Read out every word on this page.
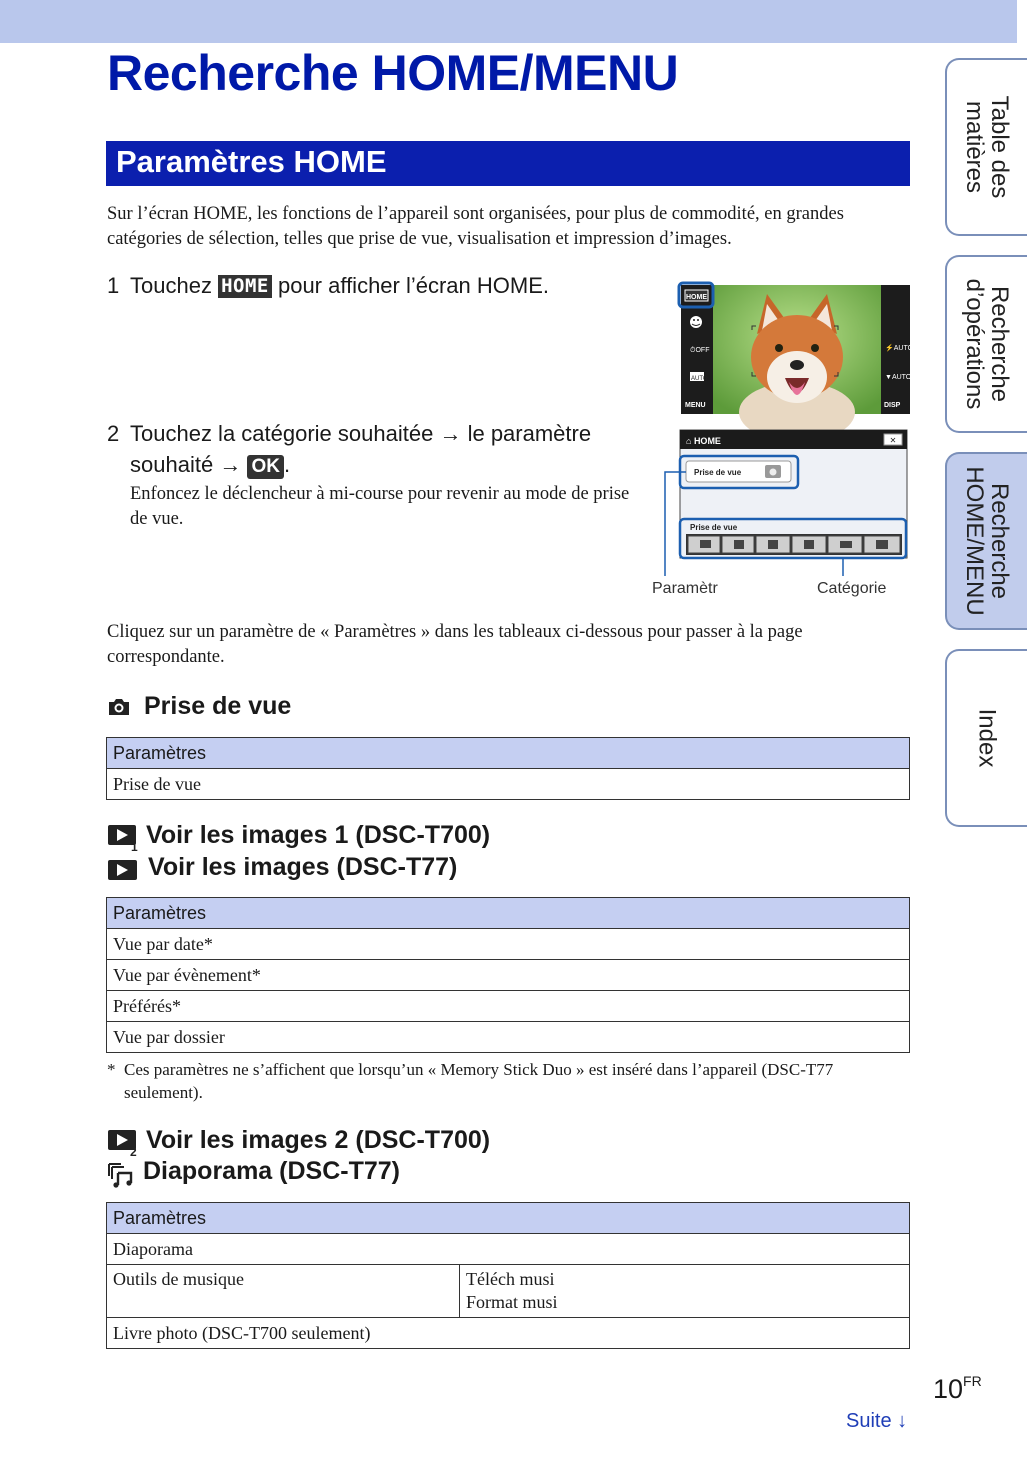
Recherche HOME/MENU
Paramètres HOME
Sur l’écran HOME, les fonctions de l’appareil sont organisées, pour plus de commodité, en grandes catégories de sélection, telles que prise de vue, visualisation et impression d’images.
1 Touchez HOME pour afficher l’écran HOME.
2 Touchez la catégorie souhaitée → le paramètre
souhaité → OK .
Enfoncez le déclencheur à mi-course pour revenir au mode de prise de vue.
HOME
⏱OFF
AUTO
MENU
⚡AUTO
▼AUTO
DISP
⌂ HOME	✕
Prise de vue
Prise de vue
Paramètr	Catégorie
Cliquez sur un paramètre de « Paramètres » dans les tableaux ci-dessous pour passer à la page correspondante.
Prise de vue
Paramètres
Prise de vue
1 Voir les images 1 (DSC-T700)
Voir les images (DSC-T77)
Paramètres
Vue par date*
Vue par évènement*
Préférés*
Vue par dossier
* Ces paramètres ne s’affichent que lorsqu’un « Memory Stick Duo » est inséré dans l’appareil (DSC-T77 seulement).
2 Voir les images 2 (DSC-T700)
Diaporama (DSC-T77)
Paramètres
Diaporama
Outils de musique	Téléch musi
Format musi

Livre photo (DSC-T700 seulement)
Table des
matières
Recherche
d’opérations
Recherche
HOME/MENU
Index
$10^{FR}$
Suite ↓
